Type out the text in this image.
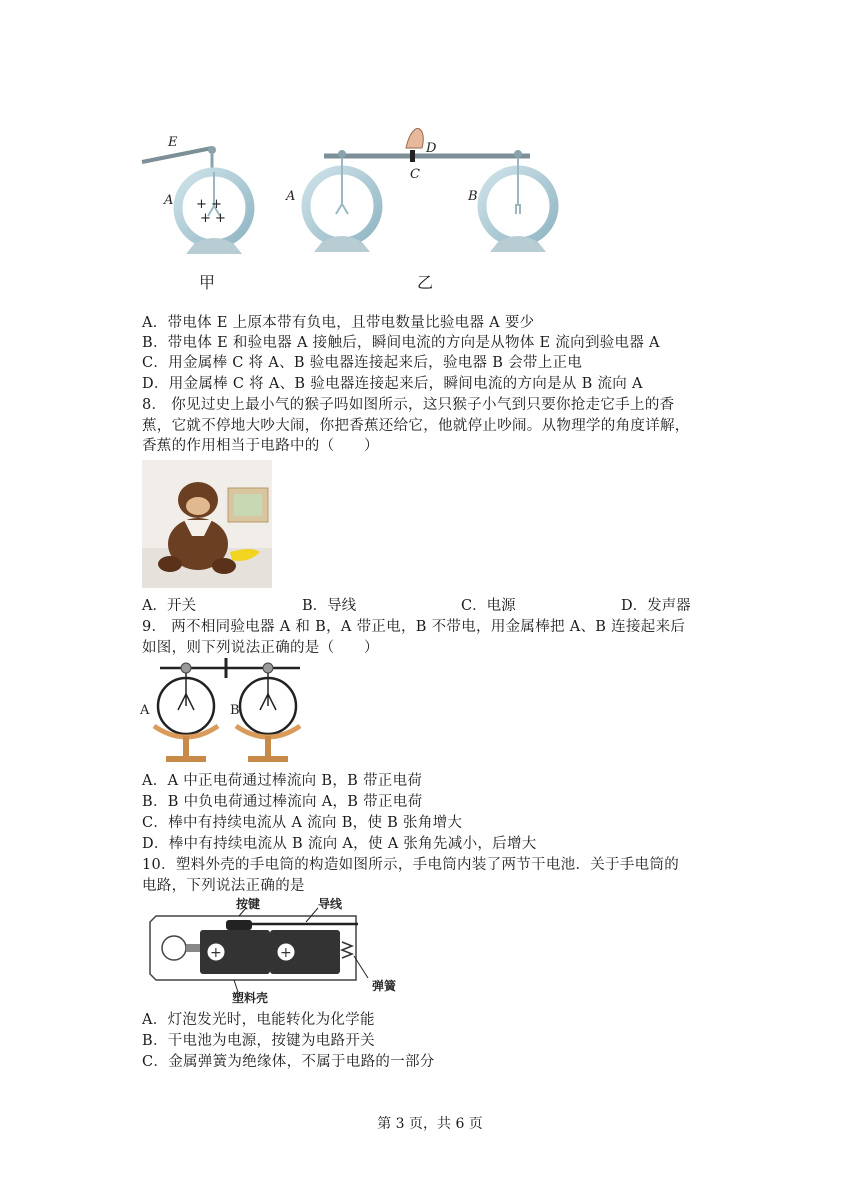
E
A	A	B
D
C
+ +
+ +
甲	乙
A．带电体 E 上原本带有负电，且带电数量比验电器 A 要少
B．带电体 E 和验电器 A 接触后，瞬间电流的方向是从物体 E 流向到验电器 A
C．用金属棒 C 将 A、B 验电器连接起来后，验电器 B 会带上正电
D．用金属棒 C 将 A、B 验电器连接起来后，瞬间电流的方向是从 B 流向 A
8． 你见过史上最小气的猴子吗如图所示，这只猴子小气到只要你抢走它手上的香
蕉，它就不停地大吵大闹，你把香蕉还给它，他就停止吵闹。从物理学的角度详解，
香蕉的作用相当于电路中的（　　）
A．开关	B．导线	C．电源	D．发声器
9． 两不相同验电器 A 和 B，A 带正电，B 不带电，用金属棒把 A、B 连接起来后
如图，则下列说法正确的是（　　）
A	B
A．A 中正电荷通过棒流向 B，B 带正电荷
B．B 中负电荷通过棒流向 A，B 带正电荷
C．棒中有持续电流从 A 流向 B，使 B 张角增大
D．棒中有持续电流从 B 流向 A，使 A 张角先减小，后增大
10．塑料外壳的手电筒的构造如图所示，手电筒内装了两节干电池．关于手电筒的
电路，下列说法正确的是
+	+
按键	导线
弹簧
塑料壳
A．灯泡发光时，电能转化为化学能
B．干电池为电源，按键为电路开关
C．金属弹簧为绝缘体，不属于电路的一部分
第 3 页，共 6 页
